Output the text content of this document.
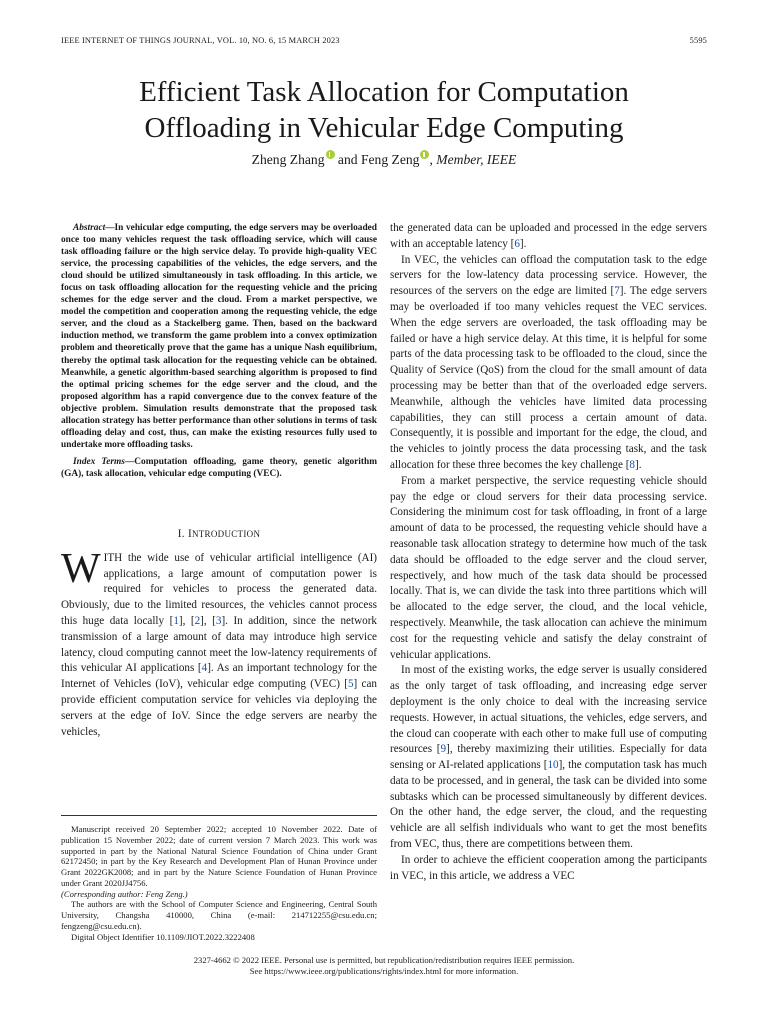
IEEE INTERNET OF THINGS JOURNAL, VOL. 10, NO. 6, 15 MARCH 2023	5595
Efficient Task Allocation for Computation
Offloading in Vehicular Edge Computing
Zheng Zhang and Feng Zeng , Member, IEEE

Abstract—In vehicular edge computing, the edge servers may be overloaded once too many vehicles request the task offloading service, which will cause task offloading failure or the high service delay. To provide high-quality VEC service, the processing capabilities of the vehicles, the edge servers, and the cloud should be utilized simultaneously in task offloading. In this article, we focus on task offloading allocation for the requesting vehicle and the pricing schemes for the edge server and the cloud. From a market perspective, we model the competition and cooperation among the requesting vehicle, the edge server, and the cloud as a Stackelberg game. Then, based on the backward induction method, we transform the game problem into a convex optimization problem and theoretically prove that the game has a unique Nash equilibrium, thereby the optimal task allocation for the requesting vehicle can be obtained. Meanwhile, a genetic algorithm-based searching algorithm is proposed to find the optimal pricing schemes for the edge server and the cloud, and the proposed algorithm has a rapid convergence due to the convex feature of the objective problem. Simulation results demonstrate that the proposed task allocation strategy has better performance than other solutions in terms of task offloading delay and cost, thus, can make the existing resources fully used to undertake more offloading tasks.

Index Terms—Computation offloading, game theory, genetic algorithm (GA), task allocation, vehicular edge computing (VEC).

I. INTRODUCTION

WITH the wide use of vehicular artificial intelligence (AI) applications, a large amount of computation power is required for vehicles to process the generated data. Obviously, due to the limited resources, the vehicles cannot process this huge data locally [1], [2], [3]. In addition, since the network transmission of a large amount of data may introduce high service latency, cloud computing cannot meet the low-latency requirements of this vehicular AI applications [4]. As an important technology for the Internet of Vehicles (IoV), vehicular edge computing (VEC) [5] can provide efficient computation service for vehicles via deploying the servers at the edge of IoV. Since the edge servers are nearby the vehicles,

Manuscript received 20 September 2022; accepted 10 November 2022. Date of publication 15 November 2022; date of current version 7 March 2023. This work was supported in part by the National Natural Science Foundation of China under Grant 62172450; in part by the Key Research and Development Plan of Hunan Province under Grant 2022GK2008; and in part by the Nature Science Foundation of Hunan Province under Grant 2020JJ4756.

(Corresponding author: Feng Zeng.)

The authors are with the School of Computer Science and Engineering, Central South University, Changsha 410000, China (e-mail: 214712255@csu.edu.cn; fengzeng@csu.edu.cn).

Digital Object Identifier 10.1109/JIOT.2022.3222408

the generated data can be uploaded and processed in the edge servers with an acceptable latency [6].

In VEC, the vehicles can offload the computation task to the edge servers for the low-latency data processing service. However, the resources of the servers on the edge are limited [7]. The edge servers may be overloaded if too many vehicles request the VEC services. When the edge servers are overloaded, the task offloading may be failed or have a high service delay. At this time, it is helpful for some parts of the data processing task to be offloaded to the cloud, since the Quality of Service (QoS) from the cloud for the small amount of data processing may be better than that of the overloaded edge servers. Meanwhile, although the vehicles have limited data processing capabilities, they can still process a certain amount of data. Consequently, it is possible and important for the edge, the cloud, and the vehicles to jointly process the data processing task, and the task allocation for these three becomes the key challenge [8].

From a market perspective, the service requesting vehicle should pay the edge or cloud servers for their data processing service. Considering the minimum cost for task offloading, in front of a large amount of data to be processed, the requesting vehicle should have a reasonable task allocation strategy to determine how much of the task data should be offloaded to the edge server and the cloud server, respectively, and how much of the task data should be processed locally. That is, we can divide the task into three partitions which will be allocated to the edge server, the cloud, and the local vehicle, respectively. Meanwhile, the task allocation can achieve the minimum cost for the requesting vehicle and satisfy the delay constraint of vehicular applications.

In most of the existing works, the edge server is usually considered as the only target of task offloading, and increasing edge server deployment is the only choice to deal with the increasing service requests. However, in actual situations, the vehicles, edge servers, and the cloud can cooperate with each other to make full use of computing resources [9], thereby maximizing their utilities. Especially for data sensing or AI-related applications [10], the computation task has much data to be processed, and in general, the task can be divided into some subtasks which can be processed simultaneously by different devices. On the other hand, the edge server, the cloud, and the requesting vehicle are all selfish individuals who want to get the most benefits from VEC, thus, there are competitions between them.

In order to achieve the efficient cooperation among the participants in VEC, in this article, we address a VEC

2327-4662 © 2022 IEEE. Personal use is permitted, but republication/redistribution requires IEEE permission.
See https://www.ieee.org/publications/rights/index.html for more information.
